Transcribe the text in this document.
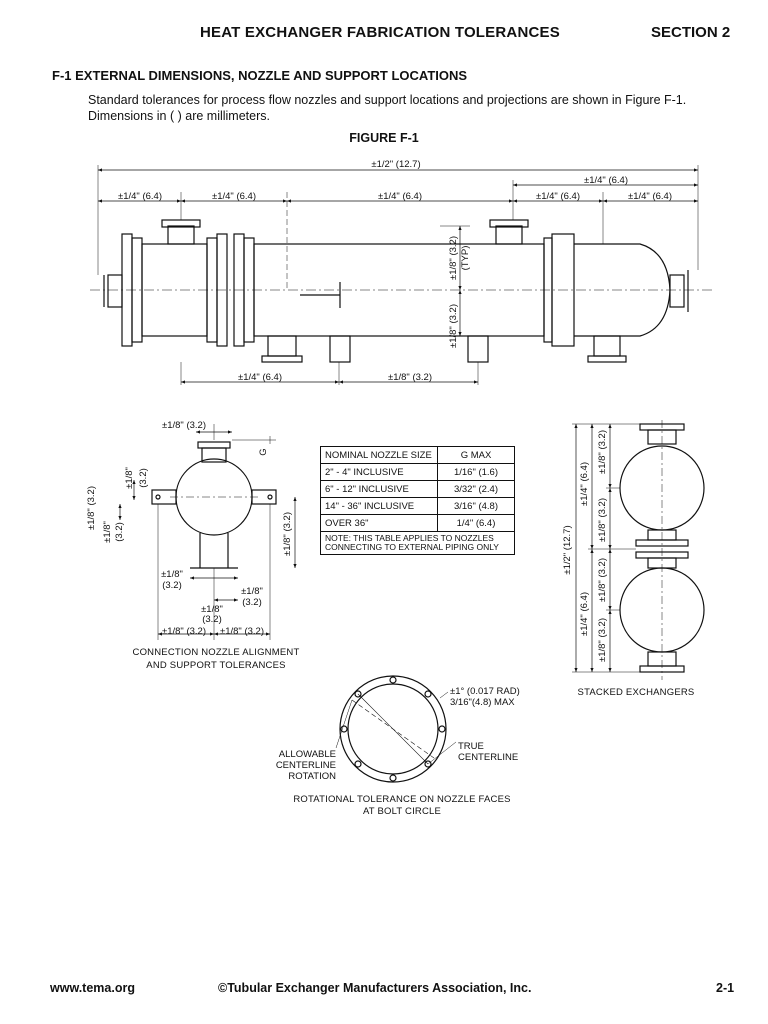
HEAT EXCHANGER FABRICATION TOLERANCES	SECTION 2
F-1 EXTERNAL DIMENSIONS, NOZZLE AND SUPPORT LOCATIONS
Standard tolerances for process flow nozzles and support locations and projections are shown in Figure F-1. Dimensions in ( ) are millimeters.
FIGURE F-1
±1/2" (12.7)
±1/4" (6.4)
±1/4" (6.4)	±1/4" (6.4)	±1/4" (6.4)	±1/4" (6.4)	±1/4" (6.4)
±1/8" (3.2) (TYP)
±1/8" (3.2)
±1/4" (6.4)	±1/8" (3.2)
±1/8" (3.2)
G
±1/8" (3.2)
±1/8" (3.2)
±1/8" (3.2)
±1/8" (3.2)
±1/8"
(3.2)
±1/8"
(3.2)
±1/8"
(3.2)
±1/8" (3.2) ±1/8" (3.2)
CONNECTION NOZZLE ALIGNMENT
AND SUPPORT TOLERANCES
±1° (0.017 RAD)
3/16"(4.8) MAX
TRUE
CENTERLINE
ALLOWABLE
CENTERLINE
ROTATION
ROTATIONAL TOLERANCE ON NOZZLE FACES
AT BOLT CIRCLE
±1/2" (12.7)
±1/4" (6.4)
±1/4" (6.4)
±1/8" (3.2)
±1/8" (3.2)
±1/8" (3.2)
±1/8" (3.2)
STACKED EXCHANGERS
NOMINAL NOZZLE SIZE	G MAX
2" - 4" INCLUSIVE	1/16" (1.6)
6" - 12" INCLUSIVE	3/32" (2.4)
14" - 36" INCLUSIVE	3/16" (4.8)
OVER 36"	1/4" (6.4)
NOTE: THIS TABLE APPLIES TO NOZZLES CONNECTING TO EXTERNAL PIPING ONLY	
www.tema.org	©Tubular Exchanger Manufacturers Association, Inc.	2-1
